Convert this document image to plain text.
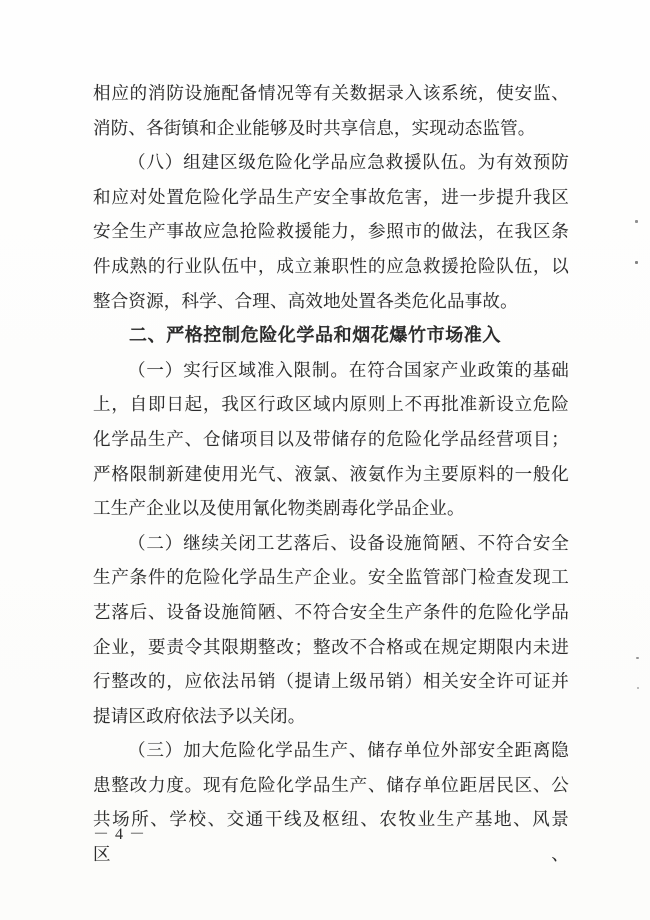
相应的消防设施配备情况等有关数据录入该系统，使安监、
消防、各街镇和企业能够及时共享信息，实现动态监管。
（八）组建区级危险化学品应急救援队伍。为有效预防
和应对处置危险化学品生产安全事故危害，进一步提升我区
安全生产事故应急抢险救援能力，参照市的做法，在我区条
件成熟的行业队伍中，成立兼职性的应急救援抢险队伍，以
整合资源，科学、合理、高效地处置各类危化品事故。
二、严格控制危险化学品和烟花爆竹市场准入
（一）实行区域准入限制。在符合国家产业政策的基础
上，自即日起，我区行政区域内原则上不再批准新设立危险
化学品生产、仓储项目以及带储存的危险化学品经营项目；
严格限制新建使用光气、液氯、液氨作为主要原料的一般化
工生产企业以及使用氰化物类剧毒化学品企业。
（二）继续关闭工艺落后、设备设施简陋、不符合安全
生产条件的危险化学品生产企业。安全监管部门检查发现工
艺落后、设备设施简陋、不符合安全生产条件的危险化学品
企业，要责令其限期整改；整改不合格或在规定期限内未进
行整改的，应依法吊销（提请上级吊销）相关安全许可证并
提请区政府依法予以关闭。
（三）加大危险化学品生产、储存单位外部安全距离隐
患整改力度。现有危险化学品生产、储存单位距居民区、公
共场所、学校、交通干线及枢纽、农牧业生产基地、风景区、
－ 4 －
